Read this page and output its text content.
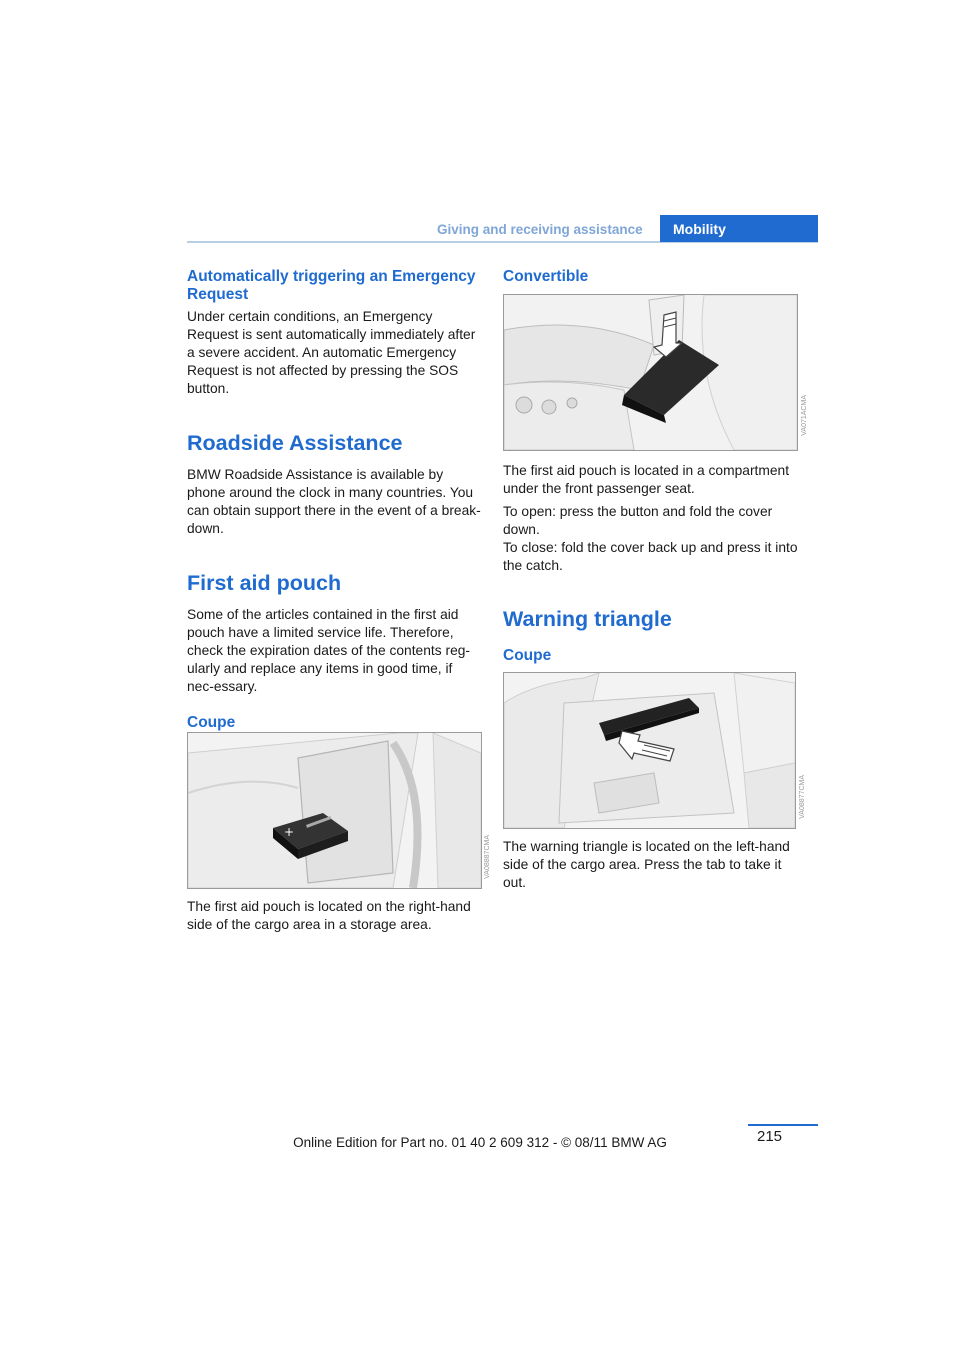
Giving and receiving assistance	Mobility
Automatically triggering an Emergency Request

Under certain conditions, an Emergency Request is sent automatically immediately after a severe accident. An automatic Emergency Request is not affected by pressing the SOS button.

Roadside Assistance

BMW Roadside Assistance is available by phone around the clock in many countries. You can obtain support there in the event of a break-down.

First aid pouch

Some of the articles contained in the first aid pouch have a limited service life. Therefore, check the expiration dates of the contents reg-ularly and replace any items in good time, if nec-essary.

Coupe
+
VA08887CMA

The first aid pouch is located on the right-hand side of the cargo area in a storage area.

Convertible
VA071ACMA

The first aid pouch is located in a compartment under the front passenger seat.

To open: press the button and fold the cover down.

To close: fold the cover back up and press it into the catch.

Warning triangle
Coupe
VA08877CMA

The warning triangle is located on the left-hand side of the cargo area. Press the tab to take it out.

215
Online Edition for Part no. 01 40 2 609 312 - © 08/11 BMW AG
